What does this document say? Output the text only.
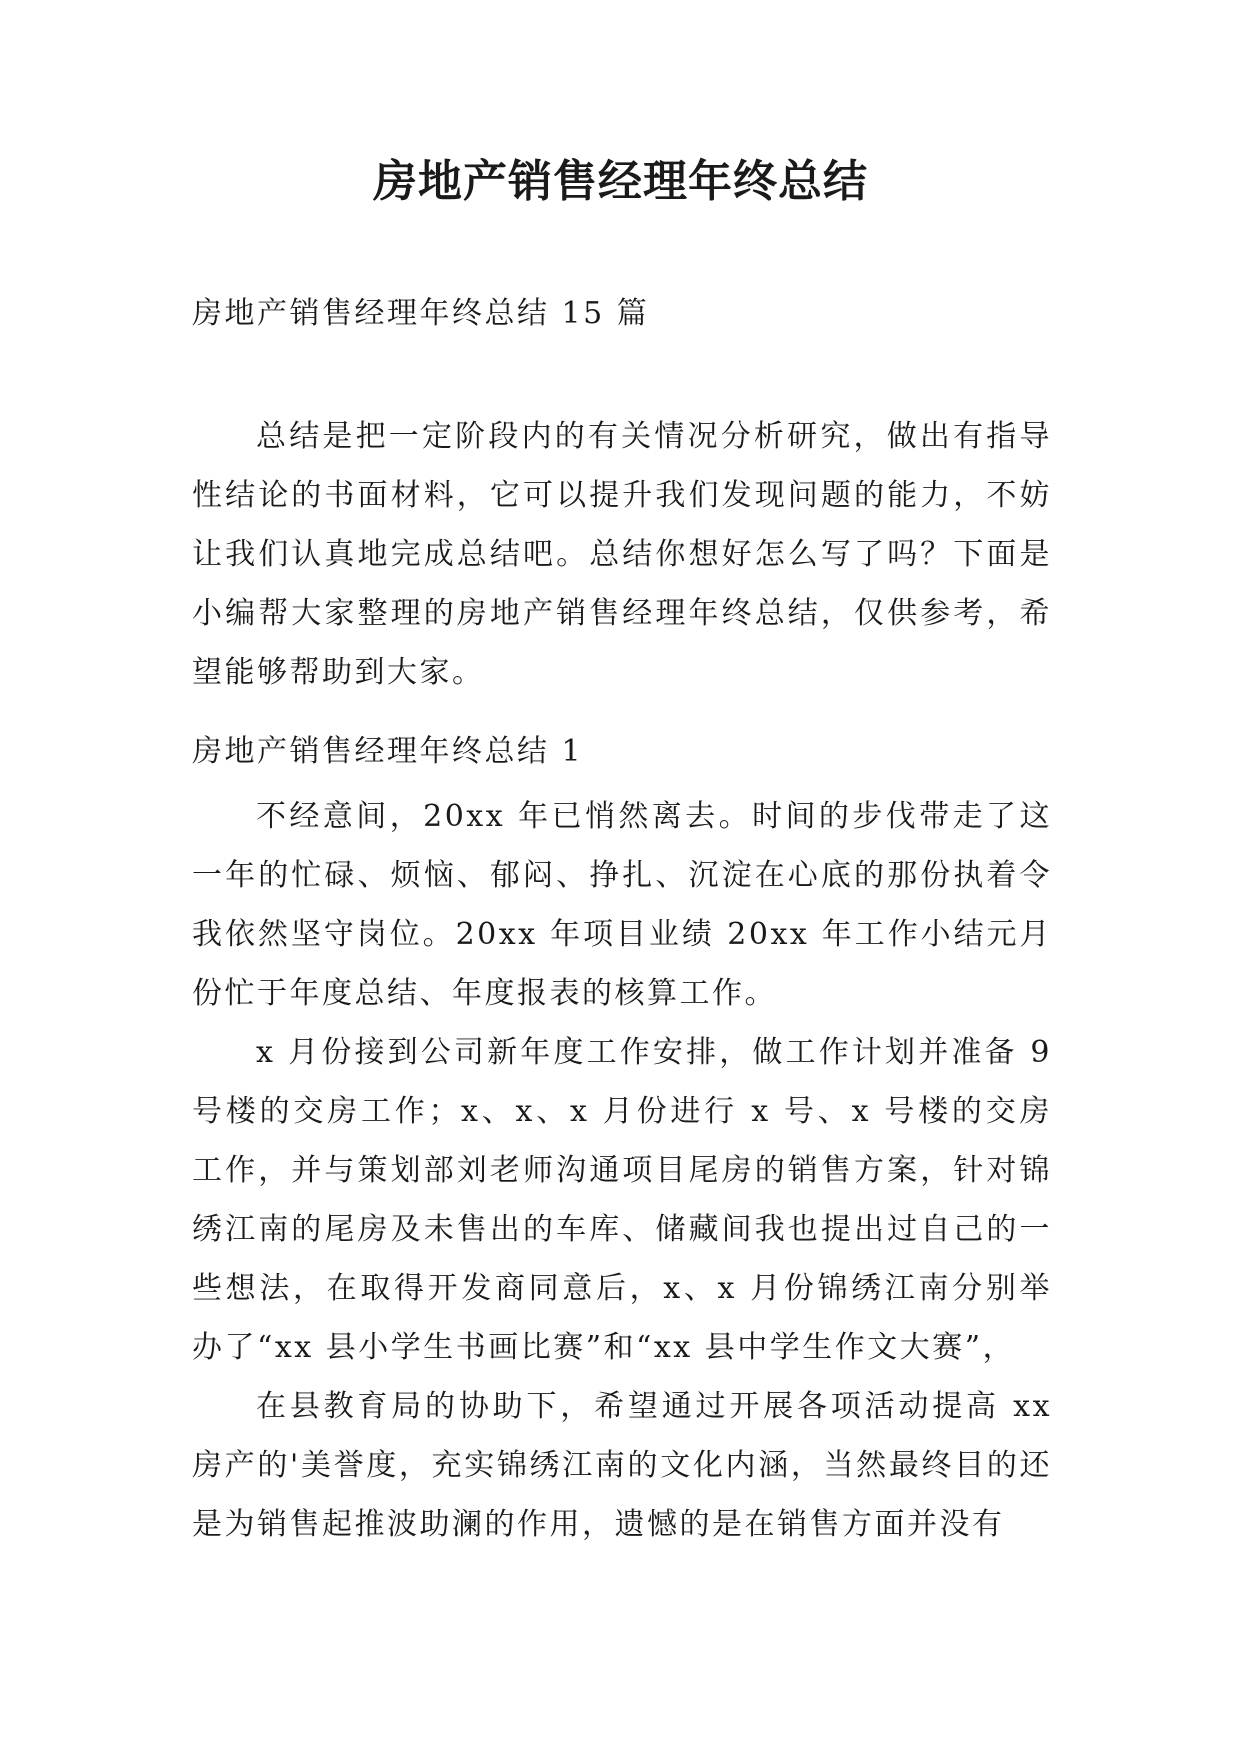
房地产销售经理年终总结

房地产销售经理年终总结 15 篇

总结是把一定阶段内的有关情况分析研究，做出有指导性结论的书面材料，它可以提升我们发现问题的能力，不妨让我们认真地完成总结吧。总结你想好怎么写了吗？下面是小编帮大家整理的房地产销售经理年终总结，仅供参考，希望能够帮助到大家。

房地产销售经理年终总结 1

不经意间，20xx 年已悄然离去。时间的步伐带走了这一年的忙碌、烦恼、郁闷、挣扎、沉淀在心底的那份执着令我依然坚守岗位。20xx 年项目业绩 20xx 年工作小结元月份忙于年度总结、年度报表的核算工作。

x 月份接到公司新年度工作安排，做工作计划并准备 9 号楼的交房工作；x、x、x 月份进行 x 号、x 号楼的交房工作，并与策划部刘老师沟通项目尾房的销售方案，针对锦绣江南的尾房及未售出的车库、储藏间我也提出过自己的一些想法，在取得开发商同意后，x、x 月份锦绣江南分别举办了“xx 县小学生书画比赛”和“xx 县中学生作文大赛”，

在县教育局的协助下，希望通过开展各项活动提高 xx 房产的'美誉度，充实锦绣江南的文化内涵，当然最终目的还是为销售起推波助澜的作用，遗憾的是在销售方面并没有
